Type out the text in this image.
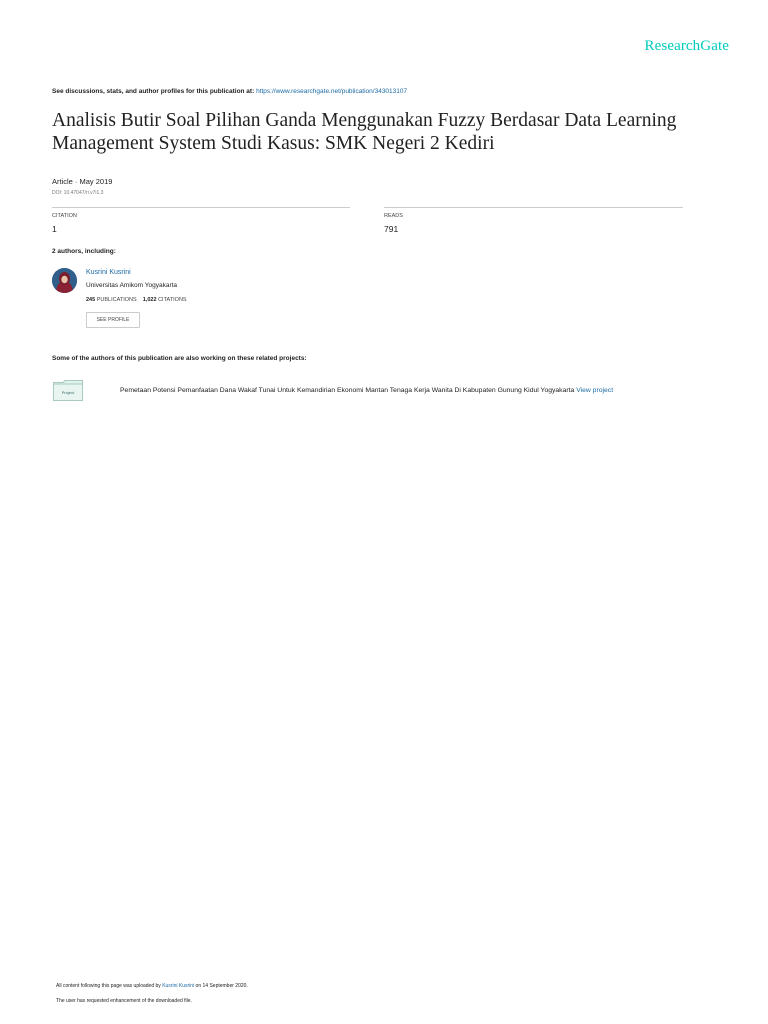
ResearchGate
See discussions, stats, and author profiles for this publication at: https://www.researchgate.net/publication/343013107
Analisis Butir Soal Pilihan Ganda Menggunakan Fuzzy Berdasar Data Learning Management System Studi Kasus: SMK Negeri 2 Kediri
Article · May 2019
DOI: 10.47047/ri.v7i1.3
CITATION
1
READS
791
2 authors, including:
Kusrini Kusrini
Universitas Amikom Yogyakarta
245 PUBLICATIONS 1,022 CITATIONS
SEE PROFILE
Some of the authors of this publication are also working on these related projects:
Project	Pemetaan Potensi Pemanfaatan Dana Wakaf Tunai Untuk Kemandirian Ekonomi Mantan Tenaga Kerja Wanita Di Kabupaten Gunung Kidul Yogyakarta View project
All content following this page was uploaded by Kusrini Kusrini on 14 September 2020.
The user has requested enhancement of the downloaded file.
